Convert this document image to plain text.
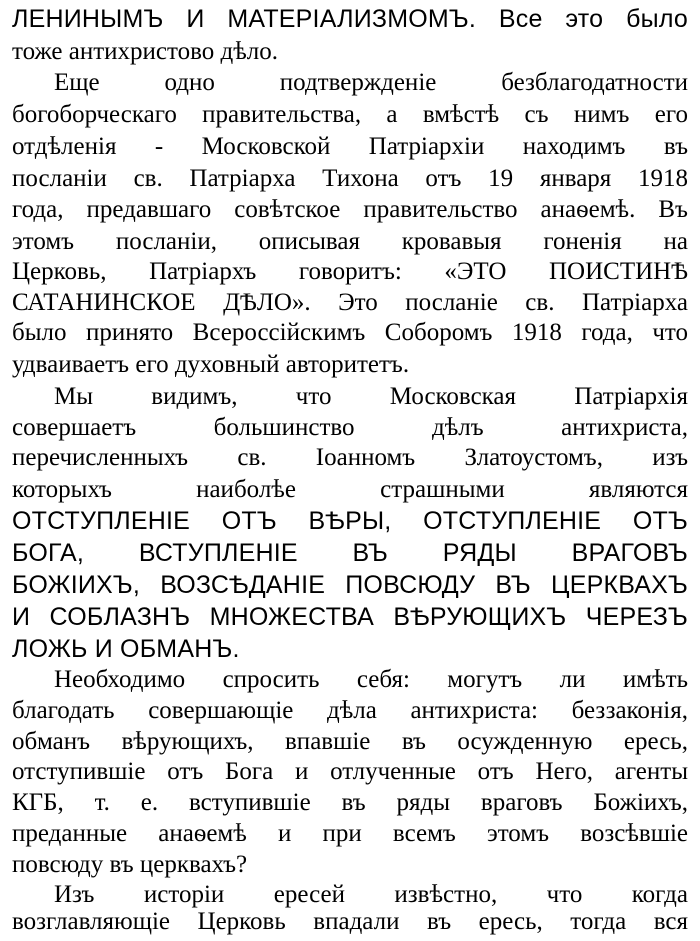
ЛЕНИНЫМЪ И МАТЕРІАЛИЗМОМЪ. Все это было
тоже антихристово дѣло.
Еще одно подтвержденіе безблагодатности
богоборческаго правительства, а вмѣстѣ съ нимъ его
отдѣленія - Московской Патріархіи находимъ въ
посланіи св. Патріарха Тихона отъ 19 января 1918
года, предавшаго совѣтское правительство анаѳемѣ. Въ
этомъ посланіи, описывая кровавыя гоненія на
Церковь, Патріархъ говоритъ: «ЭТО ПОИСТИНѢ
САТАНИНСКОЕ ДѢЛО». Это посланіе св. Патріарха
было принято Всероссійскимъ Соборомъ 1918 года, что
удваиваетъ его духовный авторитетъ.
Мы видимъ, что Московская Патріархія
совершаетъ большинство дѣлъ антихриста,
перечисленныхъ св. Іоанномъ Златоустомъ, изъ
которыхъ наиболѣе страшными являются
ОТСТУПЛЕНІЕ ОТЪ ВѢРЫ, ОТСТУПЛЕНІЕ ОТЪ
БОГА, ВСТУПЛЕНІЕ ВЪ РЯДЫ ВРАГОВЪ
БОЖІИХЪ, ВОЗСѢДАНІЕ ПОВСЮДУ ВЪ ЦЕРКВАХЪ
И СОБЛАЗНЪ МНОЖЕСТВА ВѢРУЮЩИХЪ ЧЕРЕЗЪ
ЛОЖЬ И ОБМАНЪ.
Необходимо спросить себя: могутъ ли имѣть
благодать совершающіе дѣла антихриста: беззаконія,
обманъ вѣрующихъ, впавшіе въ осужденную ересь,
отступившіе отъ Бога и отлученные отъ Него, агенты
КГБ, т. е. вступившіе въ ряды враговъ Божіихъ,
преданные анаѳемѣ и при всемъ этомъ возсѣвшіе
повсюду въ церквахъ?
Изъ исторіи ересей извѣстно, что когда
возглавляющіе Церковь впадали въ ересь, тогда вся
